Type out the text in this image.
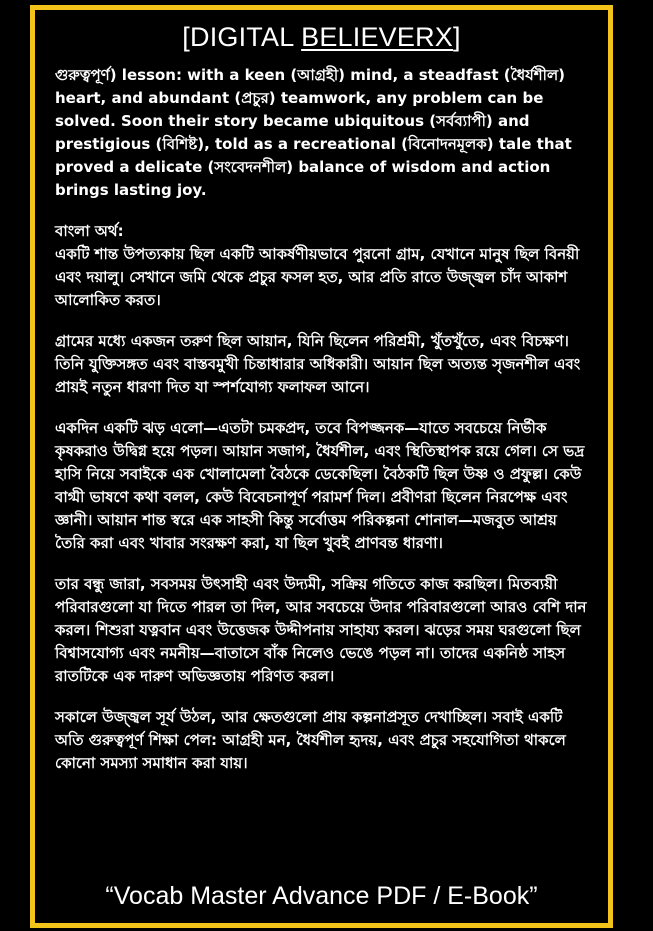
[DIGITAL BELIEVERX]

গুরুত্বপূর্ণ) lesson: with a keen (আগ্রহী) mind, a steadfast (ধৈর্যশীল) heart, and abundant (প্রচুর) teamwork, any problem can be solved. Soon their story became ubiquitous (সর্বব্যাপী) and prestigious (বিশিষ্ট), told as a recreational (বিনোদনমূলক) tale that proved a delicate (সংবেদনশীল) balance of wisdom and action brings lasting joy.

বাংলা অর্থ:

একটি শান্ত উপত্যকায় ছিল একটি আকর্ষণীয়ভাবে পুরনো গ্রাম, যেখানে মানুষ ছিল বিনয়ী এবং দয়ালু। সেখানে জমি থেকে প্রচুর ফসল হত, আর প্রতি রাতে উজ্জ্বল চাঁদ আকাশ আলোকিত করত।

গ্রামের মধ্যে একজন তরুণ ছিল আয়ান, যিনি ছিলেন পরিশ্রমী, খুঁতখুঁতে, এবং বিচক্ষণ। তিনি যুক্তিসঙ্গত এবং বাস্তবমুখী চিন্তাধারার অধিকারী। আয়ান ছিল অত্যন্ত সৃজনশীল এবং প্রায়ই নতুন ধারণা দিত যা স্পর্শযোগ্য ফলাফল আনে।

একদিন একটি ঝড় এলো—এতটা চমকপ্রদ, তবে বিপজ্জনক—যাতে সবচেয়ে নির্ভীক কৃষকরাও উদ্বিগ্ন হয়ে পড়ল। আয়ান সজাগ, ধৈর্যশীল, এবং স্থিতিস্থাপক রয়ে গেল। সে ভদ্র হাসি নিয়ে সবাইকে এক খোলামেলা বৈঠকে ডেকেছিল। বৈঠকটি ছিল উষ্ণ ও প্রফুল্ল। কেউ বাগ্মী ভাষণে কথা বলল, কেউ বিবেচনাপূর্ণ পরামর্শ দিল। প্রবীণরা ছিলেন নিরপেক্ষ এবং জ্ঞানী। আয়ান শান্ত স্বরে এক সাহসী কিন্তু সর্বোত্তম পরিকল্পনা শোনাল—মজবুত আশ্রয় তৈরি করা এবং খাবার সংরক্ষণ করা, যা ছিল খুবই প্রাণবন্ত ধারণা।

তার বন্ধু জারা, সবসময় উৎসাহী এবং উদ্যমী, সক্রিয় গতিতে কাজ করছিল। মিতব্যয়ী পরিবারগুলো যা দিতে পারল তা দিল, আর সবচেয়ে উদার পরিবারগুলো আরও বেশি দান করল। শিশুরা যত্নবান এবং উত্তেজক উদ্দীপনায় সাহায্য করল। ঝড়ের সময় ঘরগুলো ছিল বিশ্বাসযোগ্য এবং নমনীয়—বাতাসে বাঁক নিলেও ভেঙে পড়ল না। তাদের একনিষ্ঠ সাহস রাতটিকে এক দারুণ অভিজ্ঞতায় পরিণত করল।

সকালে উজ্জ্বল সূর্য উঠল, আর ক্ষেতগুলো প্রায় কল্পনাপ্রসূত দেখাচ্ছিল। সবাই একটি অতি গুরুত্বপূর্ণ শিক্ষা পেল: আগ্রহী মন, ধৈর্যশীল হৃদয়, এবং প্রচুর সহযোগিতা থাকলে কোনো সমস্যা সমাধান করা যায়।

“Vocab Master Advance PDF / E-Book”
